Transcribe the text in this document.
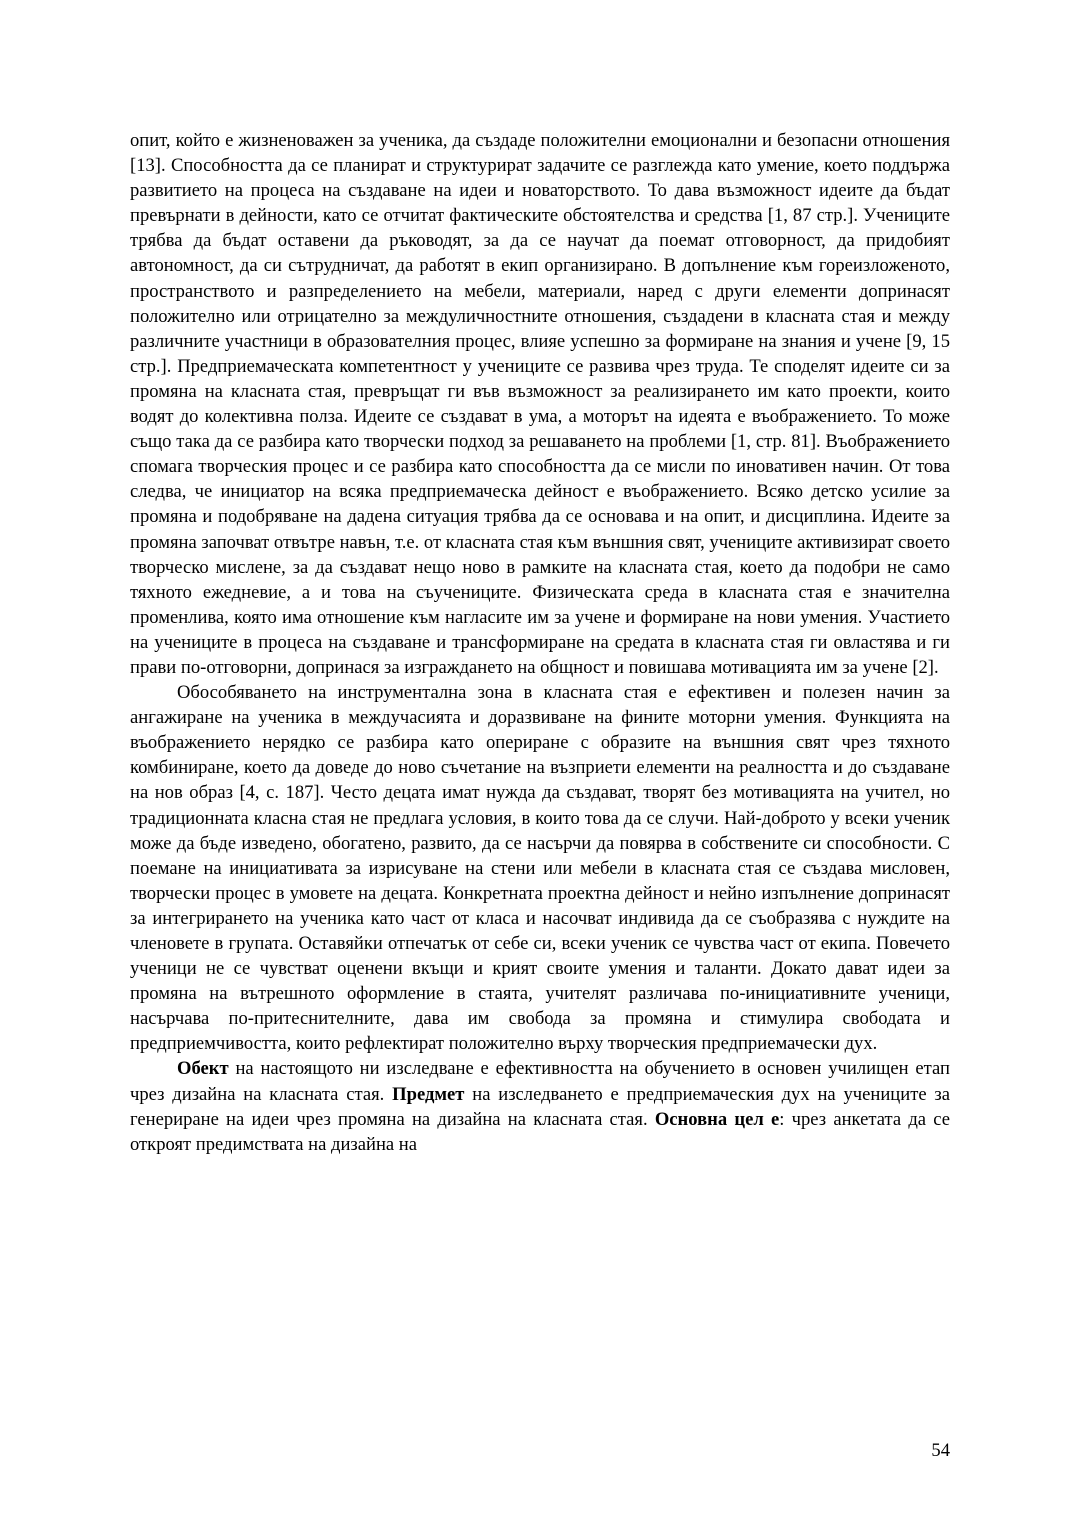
опит, който е жизненоважен за ученика, да създаде положителни емоционални и безопасни отношения [13]. Способността да се планират и структурират задачите се разглежда като умение, което поддържа развитието на процеса на създаване на идеи и новаторството. То дава възможност идеите да бъдат превърнати в дейности, като се отчитат фактическите обстоятелства и средства [1, 87 стр.]. Учениците трябва да бъдат оставени да ръководят, за да се научат да поемат отговорност, да придобият автономност, да си сътрудничат, да работят в екип организирано. В допълнение към гореизложеното, пространството и разпределението на мебели, материали, наред с други елементи допринасят положително или отрицателно за междуличностните отношения, създадени в класната стая и между различните участници в образователния процес, влияе успешно за формиране на знания и учене [9, 15 стр.]. Предприемаческата компетентност у учениците се развива чрез труда. Те споделят идеите си за промяна на класната стая, превръщат ги във възможност за реализирането им като проекти, които водят до колективна полза. Идеите се създават в ума, а моторът на идеята е въображението. То може също така да се разбира като творчески подход за решаването на проблеми [1, стр. 81]. Въображението спомага творческия процес и се разбира като способността да се мисли по иновативен начин. От това следва, че инициатор на всяка предприемаческа дейност е въображението. Всяко детско усилие за промяна и подобряване на дадена ситуация трябва да се основава и на опит, и дисциплина. Идеите за промяна започват отвътре навън, т.е. от класната стая към външния свят, учениците активизират своето творческо мислене, за да създават нещо ново в рамките на класната стая, което да подобри не само тяхното ежедневие, а и това на съучениците. Физическата среда в класната стая е значителна променлива, която има отношение към нагласите им за учене и формиране на нови умения. Участието на учениците в процеса на създаване и трансформиране на средата в класната стая ги овластява и ги прави по-отговорни, допринася за изграждането на общност и повишава мотивацията им за учене [2].

Обособяването на инструментална зона в класната стая е ефективен и полезен начин за ангажиране на ученика в междучасията и доразвиване на фините моторни умения. Функцията на въображението нерядко се разбира като опериране с образите на външния свят чрез тяхното комбиниране, което да доведе до ново съчетание на възприети елементи на реалността и до създаване на нов образ [4, с. 187]. Често децата имат нужда да създават, творят без мотивацията на учител, но традиционната класна стая не предлага условия, в които това да се случи. Най-доброто у всеки ученик може да бъде изведено, обогатено, развито, да се насърчи да повярва в собствените си способности. С поемане на инициативата за изрисуване на стени или мебели в класната стая се създава мисловен, творчески процес в умовете на децата. Конкретната проектна дейност и нейно изпълнение допринасят за интегрирането на ученика като част от класа и насочват индивида да се съобразява с нуждите на членовете в групата. Оставяйки отпечатък от себе си, всеки ученик се чувства част от екипа. Повечето ученици не се чувстват оценени вкъщи и крият своите умения и таланти. Докато дават идеи за промяна на вътрешното оформление в стаята, учителят различава по-инициативните ученици, насърчава по-притеснителните, дава им свобода за промяна и стимулира свободата и предприемчивостта, които рефлектират положително върху творческия предприемачески дух.

Обект на настоящото ни изследване е ефективността на обучението в основен училищен етап чрез дизайна на класната стая. Предмет на изследването е предприемаческия дух на учениците за генериране на идеи чрез промяна на дизайна на класната стая. Основна цел е: чрез анкетата да се откроят предимствата на дизайна на

54
